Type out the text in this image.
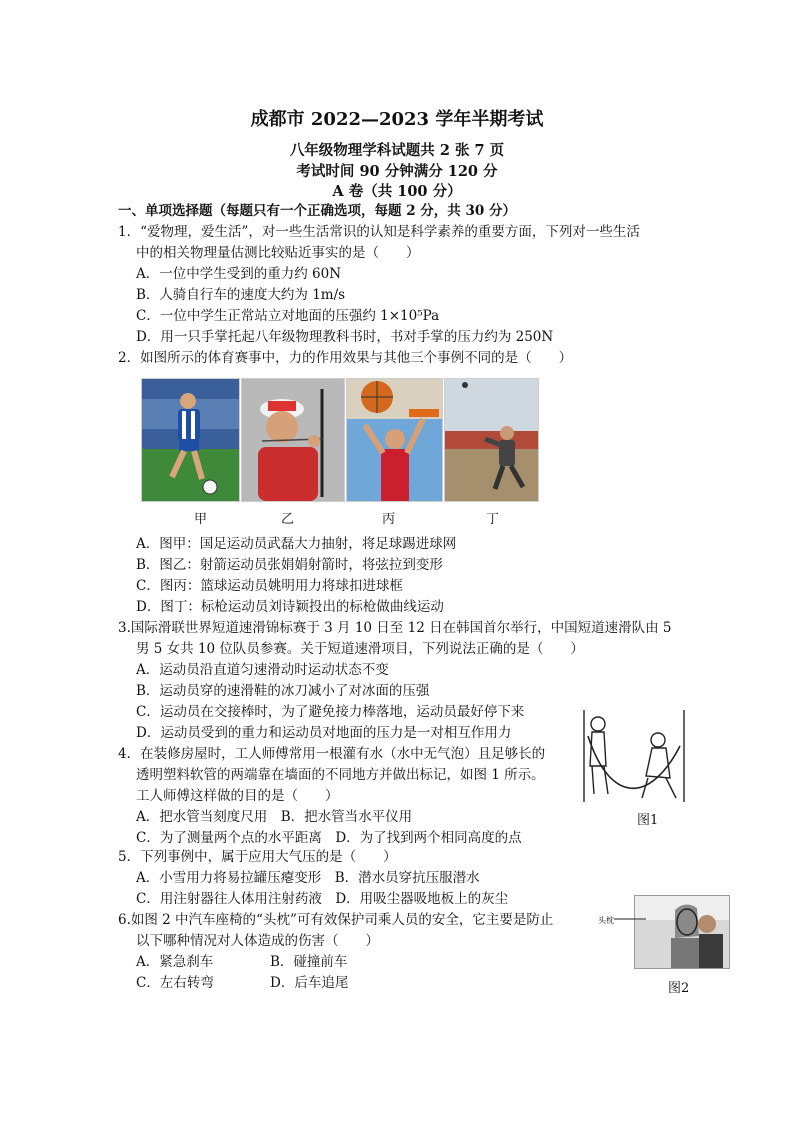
成都市 2022—2023 学年半期考试
八年级物理学科试题共 2 张 7 页
考试时间 90 分钟满分 120 分
A 卷（共 100 分）
一、单项选择题（每题只有一个正确选项，每题 2 分，共 30 分）
1．“爱物理，爱生活”，对一些生活常识的认知是科学素养的重要方面，下列对一些生活
中的相关物理量估测比较贴近事实的是（　　）
A．一位中学生受到的重力约 60N
B．人骑自行车的速度大约为 1m/s
C．一位中学生正常站立对地面的压强约 1×10⁵Pa
D．用一只手掌托起八年级物理教科书时，书对手掌的压力约为 250N
2．如图所示的体育赛事中，力的作用效果与其他三个事例不同的是（　　）
甲	乙	丙	丁
A．图甲：国足运动员武磊大力抽射，将足球踢进球网
B．图乙：射箭运动员张娟娟射箭时，将弦拉到变形
C．图丙：篮球运动员姚明用力将球扣进球框
D．图丁：标枪运动员刘诗颖投出的标枪做曲线运动
3.国际滑联世界短道速滑锦标赛于 3 月 10 日至 12 日在韩国首尔举行，中国短道速滑队由 5
男 5 女共 10 位队员参赛。关于短道速滑项目，下列说法正确的是（　　）
A．运动员沿直道匀速滑动时运动状态不变
B．运动员穿的速滑鞋的冰刀减小了对冰面的压强
C．运动员在交接棒时，为了避免接力棒落地，运动员最好停下来
D．运动员受到的重力和运动员对地面的压力是一对相互作用力
4．在装修房屋时，工人师傅常用一根灌有水（水中无气泡）且足够长的
透明塑料软管的两端靠在墙面的不同地方并做出标记，如图 1 所示。
工人师傅这样做的目的是（　　）
A．把水管当刻度尺用　B．把水管当水平仪用
C．为了测量两个点的水平距离　D．为了找到两个相同高度的点
图1
5．下列事例中，属于应用大气压的是（　　）
A．小雪用力将易拉罐压瘪变形　B．潜水员穿抗压服潜水
C．用注射器往人体用注射药液　D．用吸尘器吸地板上的灰尘
6.如图 2 中汽车座椅的“头枕”可有效保护司乘人员的安全，它主要是防止
以下哪种情况对人体造成的伤害（　　）
A．紧急刹车	B．碰撞前车
C．左右转弯	D．后车追尾
头枕
图2
